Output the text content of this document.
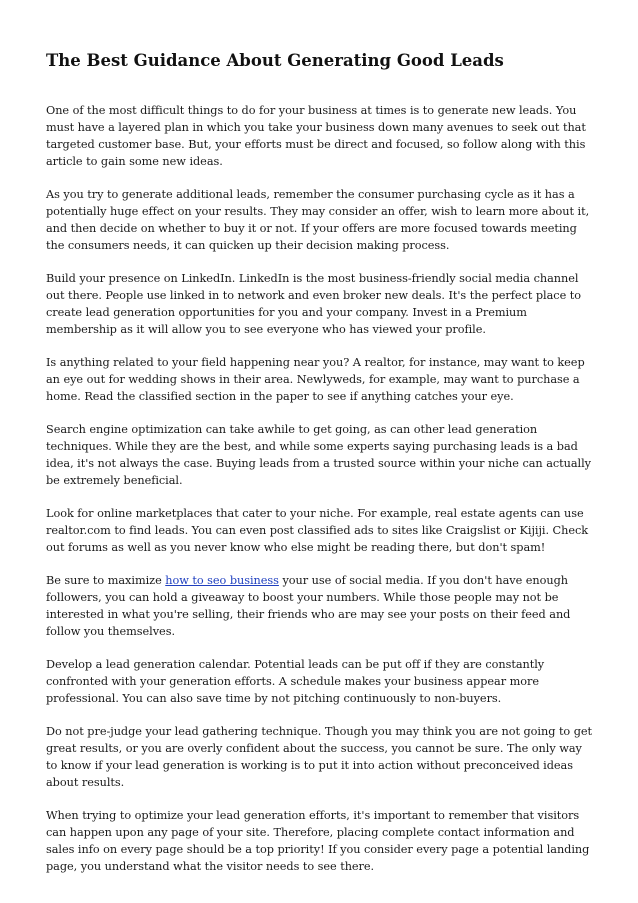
The Best Guidance About Generating Good Leads

One of the most difficult things to do for your business at times is to generate new leads. You must have a layered plan in which you take your business down many avenues to seek out that targeted customer base. But, your efforts must be direct and focused, so follow along with this article to gain some new ideas.

As you try to generate additional leads, remember the consumer purchasing cycle as it has a potentially huge effect on your results. They may consider an offer, wish to learn more about it, and then decide on whether to buy it or not. If your offers are more focused towards meeting the consumers needs, it can quicken up their decision making process.

Build your presence on LinkedIn. LinkedIn is the most business-friendly social media channel out there. People use linked in to network and even broker new deals. It's the perfect place to create lead generation opportunities for you and your company. Invest in a Premium membership as it will allow you to see everyone who has viewed your profile.

Is anything related to your field happening near you? A realtor, for instance, may want to keep an eye out for wedding shows in their area. Newlyweds, for example, may want to purchase a home. Read the classified section in the paper to see if anything catches your eye.

Search engine optimization can take awhile to get going, as can other lead generation techniques. While they are the best, and while some experts saying purchasing leads is a bad idea, it's not always the case. Buying leads from a trusted source within your niche can actually be extremely beneficial.

Look for online marketplaces that cater to your niche. For example, real estate agents can use realtor.com to find leads. You can even post classified ads to sites like Craigslist or Kijiji. Check out forums as well as you never know who else might be reading there, but don't spam!

Be sure to maximize how to seo business your use of social media. If you don't have enough followers, you can hold a giveaway to boost your numbers. While those people may not be interested in what you're selling, their friends who are may see your posts on their feed and follow you themselves.

Develop a lead generation calendar. Potential leads can be put off if they are constantly confronted with your generation efforts. A schedule makes your business appear more professional. You can also save time by not pitching continuously to non-buyers.

Do not pre-judge your lead gathering technique. Though you may think you are not going to get great results, or you are overly confident about the success, you cannot be sure. The only way to know if your lead generation is working is to put it into action without preconceived ideas about results.

When trying to optimize your lead generation efforts, it's important to remember that visitors can happen upon any page of your site. Therefore, placing complete contact information and sales info on every page should be a top priority! If you consider every page a potential landing page, you understand what the visitor needs to see there.
